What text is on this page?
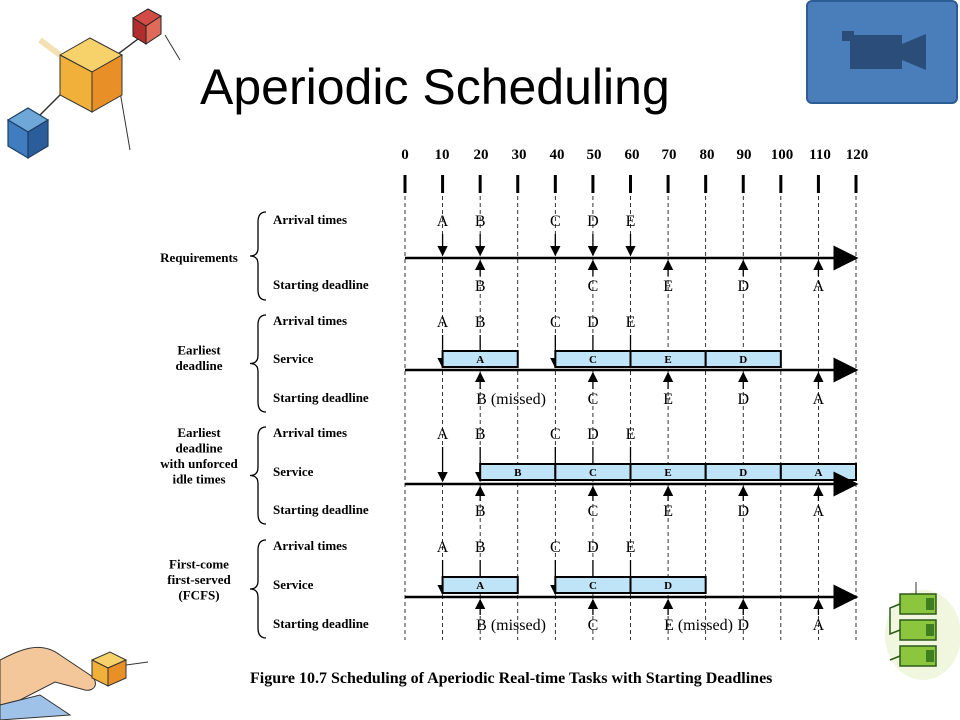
Aperiodic Scheduling
0 10 20 30 40 50 60 70 80 90 100 110 120
Requirements
Arrival times
Starting deadline
A B	C D E
B	C	E	D	A
Earliest
deadline
Arrival times
Service
Starting deadline
A B	C D E
A	C	E	D
B (missed)	C	E	D	A
Earliest
deadline
with unforced
idle times
Arrival times
Service
Starting deadline
A B	C D E
B	C	E	D	A
B	C	E	D	A
First-come
first-served
(FCFS)
Arrival times
Service
Starting deadline
A B	C D E
A	C	D
B (missed)	C	E (missed) D	A
Figure 10.7 Scheduling of Aperiodic Real-time Tasks with Starting Deadlines
